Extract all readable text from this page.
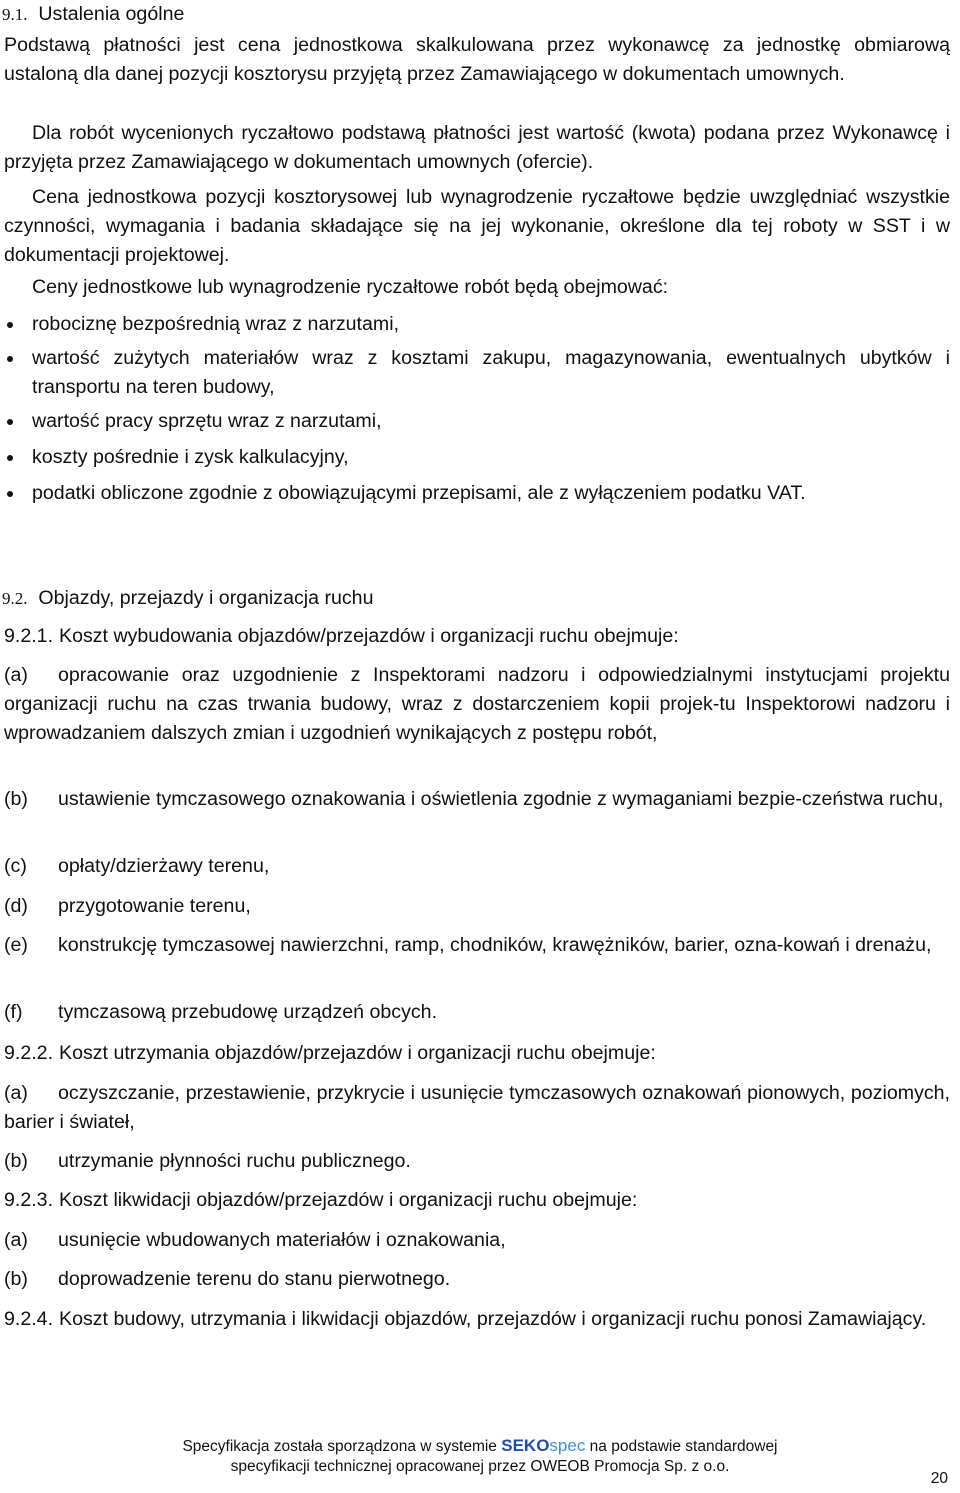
9.1. Ustalenia ogólne
Podstawą płatności jest cena jednostkowa skalkulowana przez wykonawcę za jednostkę obmiarową ustaloną dla danej pozycji kosztorysu przyjętą przez Zamawiającego w dokumentach umownych.
Dla robót wycenionych ryczałtowo podstawą płatności jest wartość (kwota) podana przez Wykonawcę i przyjęta przez Zamawiającego w dokumentach umownych (ofercie).
Cena jednostkowa pozycji kosztorysowej lub wynagrodzenie ryczałtowe będzie uwzględniać wszystkie czynności, wymagania i badania składające się na jej wykonanie, określone dla tej roboty w SST i w dokumentacji projektowej.
Ceny jednostkowe lub wynagrodzenie ryczałtowe robót będą obejmować:
robociznę bezpośrednią wraz z narzutami,
wartość zużytych materiałów wraz z kosztami zakupu, magazynowania, ewentualnych ubytków i transportu na teren budowy,
wartość pracy sprzętu wraz z narzutami,
koszty pośrednie i zysk kalkulacyjny,
podatki obliczone zgodnie z obowiązującymi przepisami, ale z wyłączeniem podatku VAT.
9.2. Objazdy, przejazdy i organizacja ruchu
9.2.1. Koszt wybudowania objazdów/przejazdów i organizacji ruchu obejmuje:
(a) opracowanie oraz uzgodnienie z Inspektorami nadzoru i odpowiedzialnymi instytucjami projektu organizacji ruchu na czas trwania budowy, wraz z dostarczeniem kopii projek-tu Inspektorowi nadzoru i wprowadzaniem dalszych zmian i uzgodnień wynikających z postępu robót,
(b) ustawienie tymczasowego oznakowania i oświetlenia zgodnie z wymaganiami bezpie-czeństwa ruchu,
(c) opłaty/dzierżawy terenu,
(d) przygotowanie terenu,
(e) konstrukcję tymczasowej nawierzchni, ramp, chodników, krawężników, barier, ozna-kowań i drenażu,
(f) tymczasową przebudowę urządzeń obcych.
9.2.2. Koszt utrzymania objazdów/przejazdów i organizacji ruchu obejmuje:
(a) oczyszczanie, przestawienie, przykrycie i usunięcie tymczasowych oznakowań pionowych, poziomych, barier i świateł,
(b) utrzymanie płynności ruchu publicznego.
9.2.3. Koszt likwidacji objazdów/przejazdów i organizacji ruchu obejmuje:
(a) usunięcie wbudowanych materiałów i oznakowania,
(b) doprowadzenie terenu do stanu pierwotnego.
9.2.4. Koszt budowy, utrzymania i likwidacji objazdów, przejazdów i organizacji ruchu ponosi Zamawiający.
Specyfikacja została sporządzona w systemie SEKOspec na podstawie standardowej
specyfikacji technicznej opracowanej przez OWEOB Promocja Sp. z o.o.
20
